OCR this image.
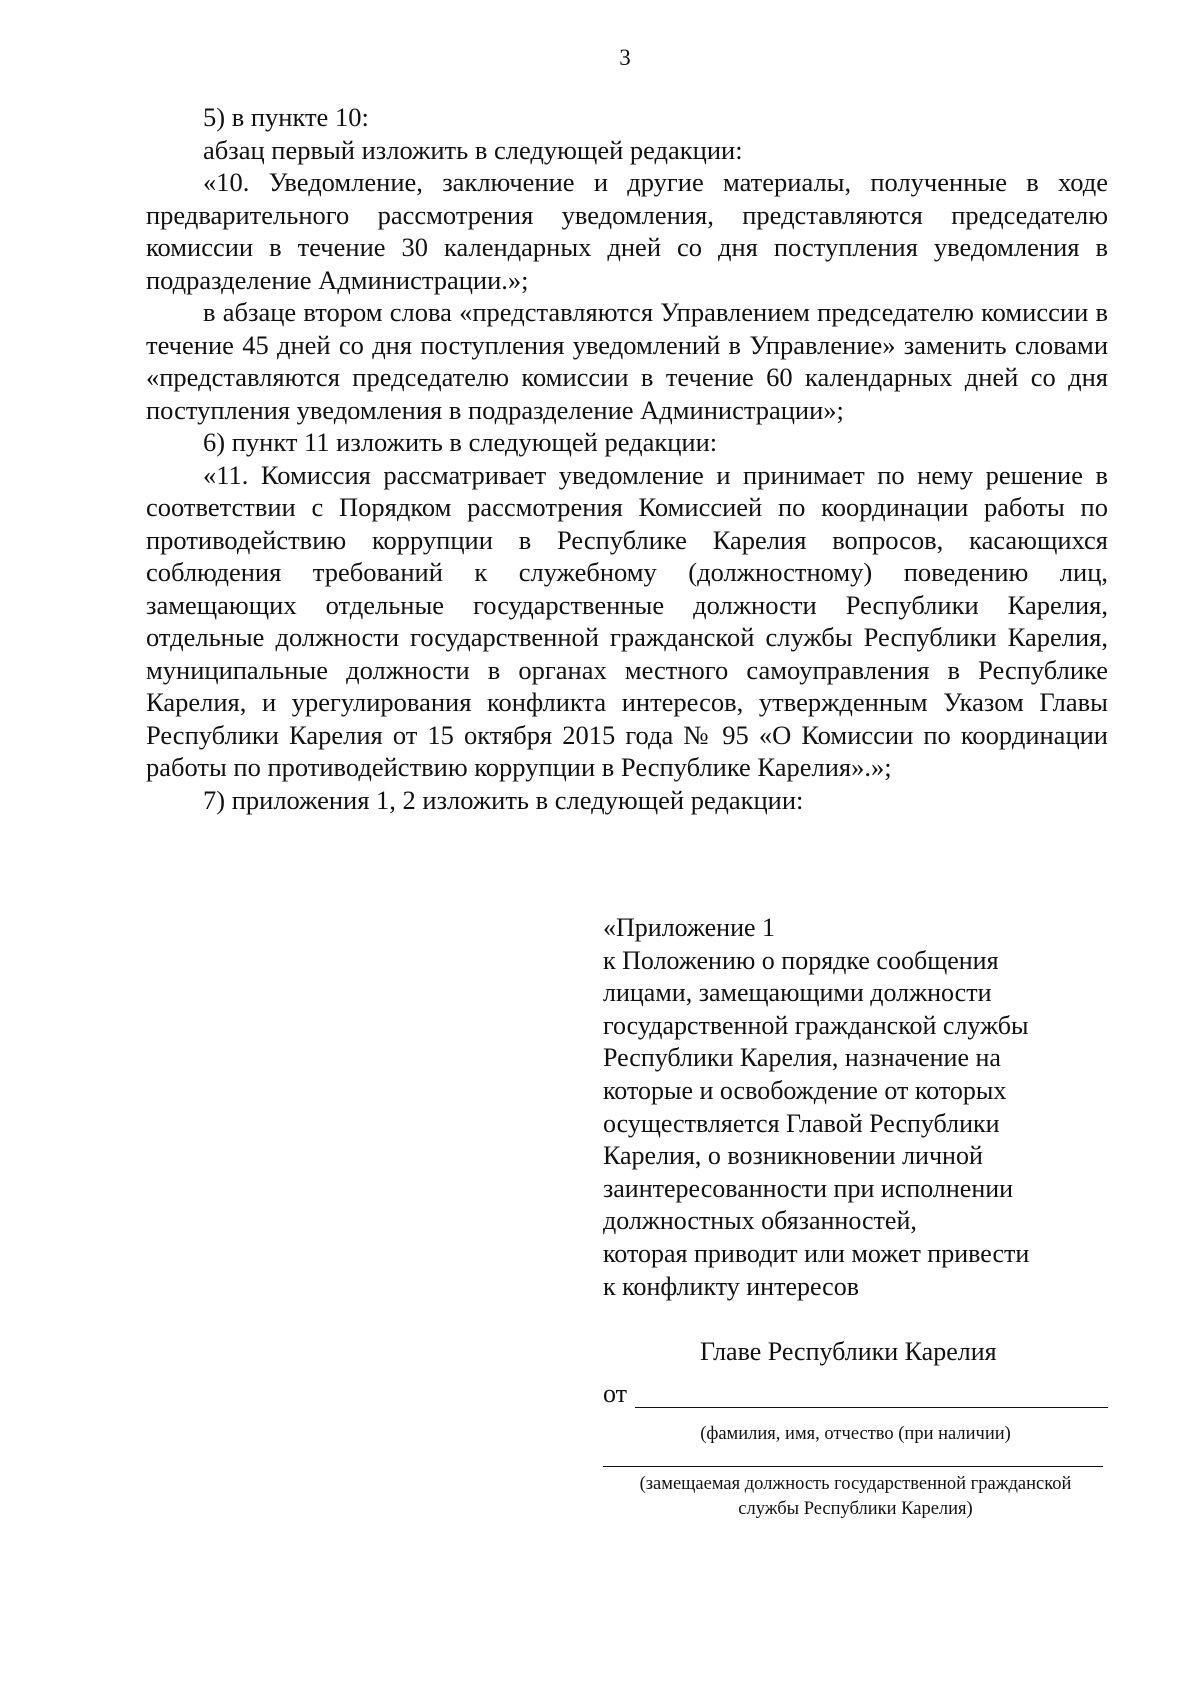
3

5) в пункте 10:

абзац первый изложить в следующей редакции:

«10. Уведомление, заключение и другие материалы, полученные в ходе предварительного рассмотрения уведомления, представляются председателю комиссии в течение 30 календарных дней со дня поступления уведомления в подразделение Администрации.»;

в абзаце втором слова «представляются Управлением председателю комиссии в течение 45 дней со дня поступления уведомлений в Управление» заменить словами «представляются председателю комиссии в течение 60 календарных дней со дня поступления уведомления в подразделение Администрации»;

6) пункт 11 изложить в следующей редакции:

«11. Комиссия рассматривает уведомление и принимает по нему решение в соответствии с Порядком рассмотрения Комиссией по координации работы по противодействию коррупции в Республике Карелия вопросов, касающихся соблюдения требований к служебному (должностному) поведению лиц, замещающих отдельные государственные должности Республики Карелия, отдельные должности государственной гражданской службы Республики Карелия, муниципальные должности в органах местного самоуправления в Республике Карелия, и урегулирования конфликта интересов, утвержденным Указом Главы Республики Карелия от 15 октября 2015 года № 95 «О Комиссии по координации работы по противодействию коррупции в Республике Карелия».»;

7) приложения 1, 2 изложить в следующей редакции:

«Приложение 1
к Положению о порядке сообщения
лицами, замещающими должности
государственной гражданской службы
Республики Карелия, назначение на
которые и освобождение от которых
осуществляется Главой Республики
Карелия, о возникновении личной
заинтересованности при исполнении
должностных обязанностей,
которая приводит или может привести
к конфликту интересов
Главе Республики Карелия
от
(фамилия, имя, отчество (при наличии)
(замещаемая должность государственной гражданской
службы Республики Карелия)
